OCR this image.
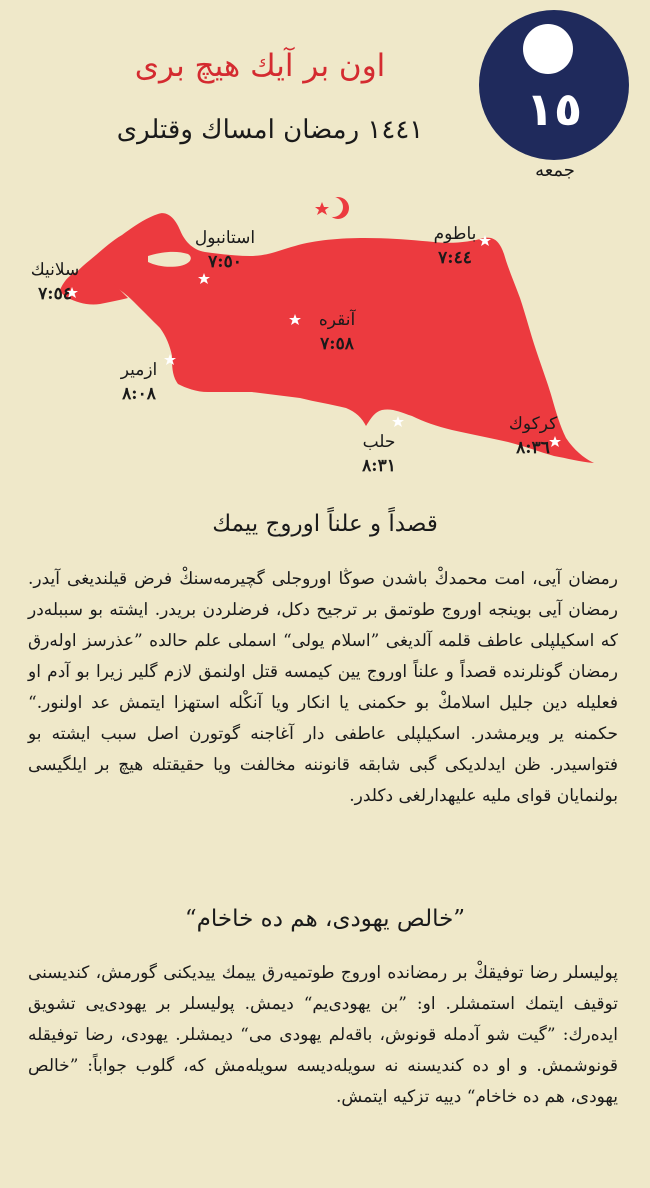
اون بر آیك هیچ بری
١٤٤١ رمضان امساك وقتلری	١٥
جمعه
سلانیك
٧:٥٤
استانبول
٧:٥٠
باطوم
٧:٤٤
آنقره
٧:٥٨
ازمیر
٨:٠٨
حلب
٨:٣١
كركوك
٨:٣٦
قصداً و علناً اوروج ییمك
رمضان آیی، امت محمدكْ باشدن صوڭا اوروجلی گچیرمەسنكْ فرض قیلندیغی آیدر. رمضان آیی بوینجه اوروج طوتمق بر ترجیح دكل، فرضلردن بریدر. ایشته بو سببلەدر كه اسكیلپلی عاطف قلمه آلدیغی ”اسلام یولی“ اسملی علم حالده ”عذرسز اولەرق رمضان گونلرنده قصداً و علناً اوروج یین كیمسه قتل اولنمق لازم گلیر زیرا بو آدم او فعلیله دین جلیل اسلامكْ بو حكمنی یا انكار ویا آنكْله استهزا ایتمش عد اولنور.“ حكمنه یر ویرمشدر. اسكیلپلی عاطفی دار آغاجنه گوتورن اصل سبب ایشته بو فتواسیدر. ظن ایدلدیكی گبی شابقه قانوننه مخالفت ویا حقیقتله هیچ بر ایلگیسی بولنمایان قوای ملیه علیهدارلغی دكلدر.
”خالص یهودی، هم ده خاخام“
پولیسلر رضا توفیقكْ بر رمضانده اوروج طوتمیەرق ییمك ییدیكنی گورمش، كندیسنی توقیف ایتمك استمشلر. او: ”بن یهودی‌یم“ دیمش. پولیسلر بر یهودی‌یی تشویق ایدەرك: ”گیت شو آدمله قونوش، باقەلم یهودی می“ دیمشلر. یهودی، رضا توفیقله قونوشمش. و او ده كندیسنه نه سویلەدیسه سویلەمش كه، گلوب جواباً: ”خالص یهودی، هم ده خاخام“ دییه تزكیه ایتمش.
